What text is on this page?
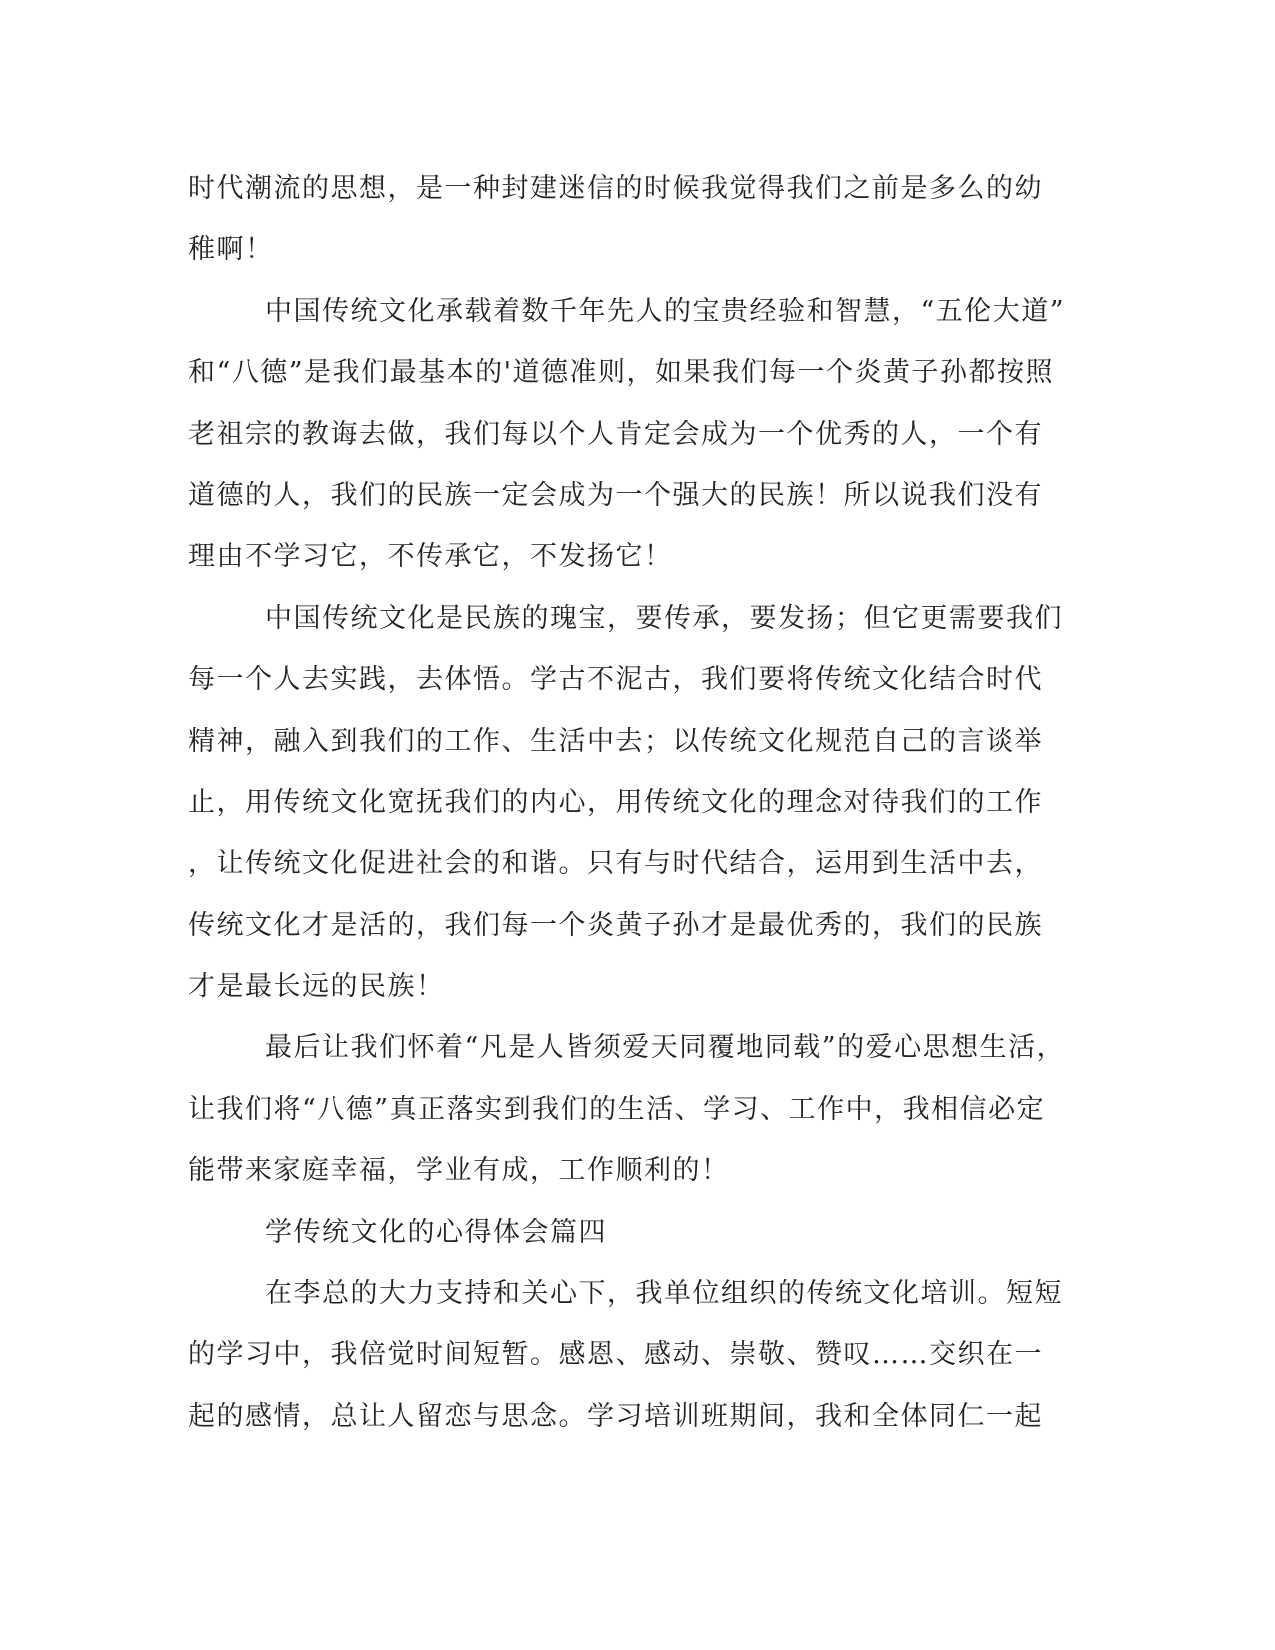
时代潮流的思想，是一种封建迷信的时候我觉得我们之前是多么的幼
稚啊！
中国传统文化承载着数千年先人的宝贵经验和智慧，“五伦大道”
和“八德”是我们最基本的'道德准则，如果我们每一个炎黄子孙都按照
老祖宗的教诲去做，我们每以个人肯定会成为一个优秀的人，一个有
道德的人，我们的民族一定会成为一个强大的民族！所以说我们没有
理由不学习它，不传承它，不发扬它！
中国传统文化是民族的瑰宝，要传承，要发扬；但它更需要我们
每一个人去实践，去体悟。学古不泥古，我们要将传统文化结合时代
精神，融入到我们的工作、生活中去；以传统文化规范自己的言谈举
止，用传统文化宽抚我们的内心，用传统文化的理念对待我们的工作
，让传统文化促进社会的和谐。只有与时代结合，运用到生活中去，
传统文化才是活的，我们每一个炎黄子孙才是最优秀的，我们的民族
才是最长远的民族！
最后让我们怀着“凡是人皆须爱天同覆地同载”的爱心思想生活，
让我们将“八德”真正落实到我们的生活、学习、工作中，我相信必定
能带来家庭幸福，学业有成，工作顺利的！
学传统文化的心得体会篇四
在李总的大力支持和关心下，我单位组织的传统文化培训。短短
的学习中，我倍觉时间短暂。感恩、感动、崇敬、赞叹……交织在一
起的感情，总让人留恋与思念。学习培训班期间，我和全体同仁一起
